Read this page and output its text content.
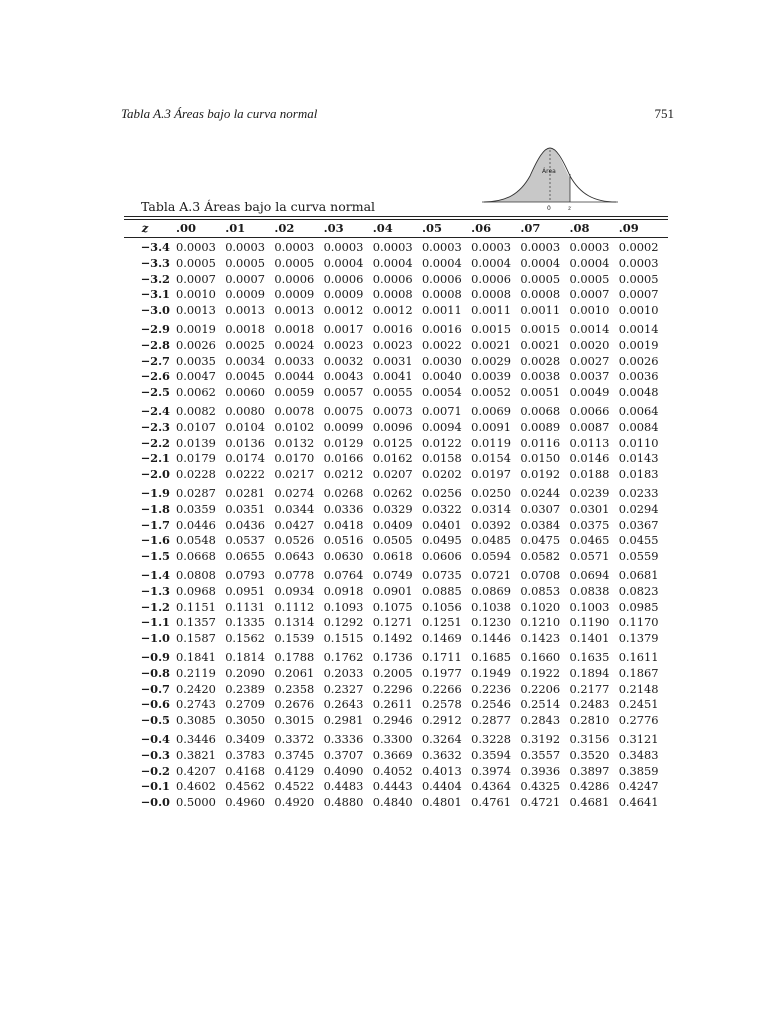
Tabla A.3 Áreas bajo la curva normal	751
Área
0	z
Tabla A.3 Áreas bajo la curva normal
z	.00	.01	.02	.03	.04	.05	.06	.07	.08	.09
−3.4	0.0003	0.0003	0.0003	0.0003	0.0003	0.0003	0.0003	0.0003	0.0003	0.0002
−3.3	0.0005	0.0005	0.0005	0.0004	0.0004	0.0004	0.0004	0.0004	0.0004	0.0003
−3.2	0.0007	0.0007	0.0006	0.0006	0.0006	0.0006	0.0006	0.0005	0.0005	0.0005
−3.1	0.0010	0.0009	0.0009	0.0009	0.0008	0.0008	0.0008	0.0008	0.0007	0.0007
−3.0	0.0013	0.0013	0.0013	0.0012	0.0012	0.0011	0.0011	0.0011	0.0010	0.0010
−2.9	0.0019	0.0018	0.0018	0.0017	0.0016	0.0016	0.0015	0.0015	0.0014	0.0014
−2.8	0.0026	0.0025	0.0024	0.0023	0.0023	0.0022	0.0021	0.0021	0.0020	0.0019
−2.7	0.0035	0.0034	0.0033	0.0032	0.0031	0.0030	0.0029	0.0028	0.0027	0.0026
−2.6	0.0047	0.0045	0.0044	0.0043	0.0041	0.0040	0.0039	0.0038	0.0037	0.0036
−2.5	0.0062	0.0060	0.0059	0.0057	0.0055	0.0054	0.0052	0.0051	0.0049	0.0048
−2.4	0.0082	0.0080	0.0078	0.0075	0.0073	0.0071	0.0069	0.0068	0.0066	0.0064
−2.3	0.0107	0.0104	0.0102	0.0099	0.0096	0.0094	0.0091	0.0089	0.0087	0.0084
−2.2	0.0139	0.0136	0.0132	0.0129	0.0125	0.0122	0.0119	0.0116	0.0113	0.0110
−2.1	0.0179	0.0174	0.0170	0.0166	0.0162	0.0158	0.0154	0.0150	0.0146	0.0143
−2.0	0.0228	0.0222	0.0217	0.0212	0.0207	0.0202	0.0197	0.0192	0.0188	0.0183
−1.9	0.0287	0.0281	0.0274	0.0268	0.0262	0.0256	0.0250	0.0244	0.0239	0.0233
−1.8	0.0359	0.0351	0.0344	0.0336	0.0329	0.0322	0.0314	0.0307	0.0301	0.0294
−1.7	0.0446	0.0436	0.0427	0.0418	0.0409	0.0401	0.0392	0.0384	0.0375	0.0367
−1.6	0.0548	0.0537	0.0526	0.0516	0.0505	0.0495	0.0485	0.0475	0.0465	0.0455
−1.5	0.0668	0.0655	0.0643	0.0630	0.0618	0.0606	0.0594	0.0582	0.0571	0.0559
−1.4	0.0808	0.0793	0.0778	0.0764	0.0749	0.0735	0.0721	0.0708	0.0694	0.0681
−1.3	0.0968	0.0951	0.0934	0.0918	0.0901	0.0885	0.0869	0.0853	0.0838	0.0823
−1.2	0.1151	0.1131	0.1112	0.1093	0.1075	0.1056	0.1038	0.1020	0.1003	0.0985
−1.1	0.1357	0.1335	0.1314	0.1292	0.1271	0.1251	0.1230	0.1210	0.1190	0.1170
−1.0	0.1587	0.1562	0.1539	0.1515	0.1492	0.1469	0.1446	0.1423	0.1401	0.1379
−0.9	0.1841	0.1814	0.1788	0.1762	0.1736	0.1711	0.1685	0.1660	0.1635	0.1611
−0.8	0.2119	0.2090	0.2061	0.2033	0.2005	0.1977	0.1949	0.1922	0.1894	0.1867
−0.7	0.2420	0.2389	0.2358	0.2327	0.2296	0.2266	0.2236	0.2206	0.2177	0.2148
−0.6	0.2743	0.2709	0.2676	0.2643	0.2611	0.2578	0.2546	0.2514	0.2483	0.2451
−0.5	0.3085	0.3050	0.3015	0.2981	0.2946	0.2912	0.2877	0.2843	0.2810	0.2776
−0.4	0.3446	0.3409	0.3372	0.3336	0.3300	0.3264	0.3228	0.3192	0.3156	0.3121
−0.3	0.3821	0.3783	0.3745	0.3707	0.3669	0.3632	0.3594	0.3557	0.3520	0.3483
−0.2	0.4207	0.4168	0.4129	0.4090	0.4052	0.4013	0.3974	0.3936	0.3897	0.3859
−0.1	0.4602	0.4562	0.4522	0.4483	0.4443	0.4404	0.4364	0.4325	0.4286	0.4247
−0.0	0.5000	0.4960	0.4920	0.4880	0.4840	0.4801	0.4761	0.4721	0.4681	0.4641
